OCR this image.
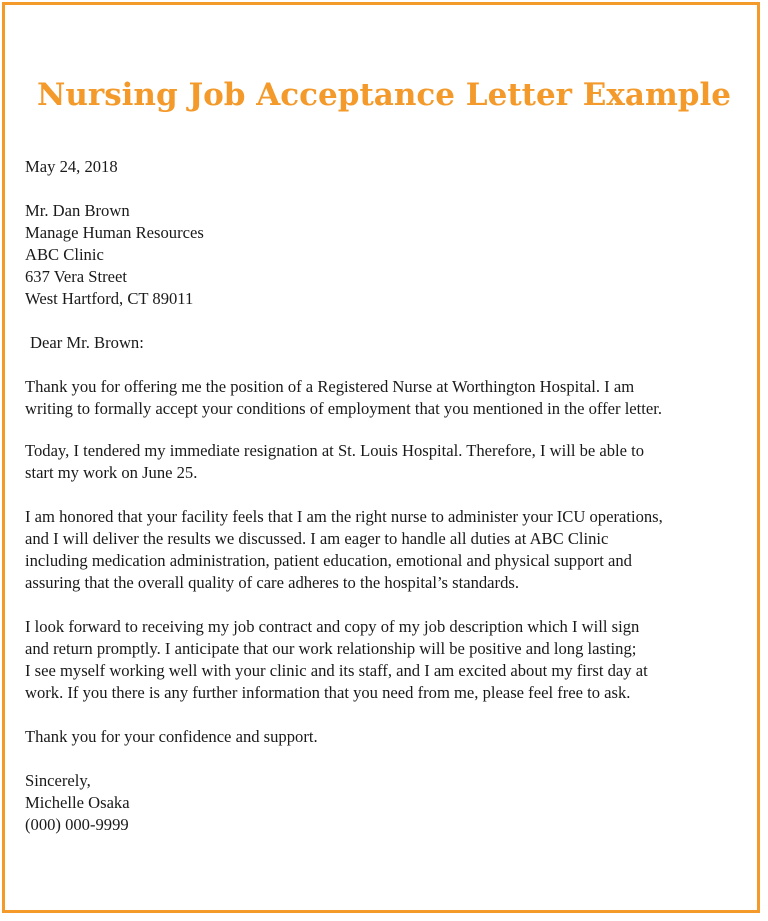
Nursing Job Acceptance Letter Example

May 24, 2018

Mr. Dan Brown
Manage Human Resources
ABC Clinic
637 Vera Street
West Hartford, CT 89011

Dear Mr. Brown:

Thank you for offering me the position of a Registered Nurse at Worthington Hospital. I am
writing to formally accept your conditions of employment that you mentioned in the offer letter.
Today, I tendered my immediate resignation at St. Louis Hospital. Therefore, I will be able to
start my work on June 25.
I am honored that your facility feels that I am the right nurse to administer your ICU operations,
and I will deliver the results we discussed. I am eager to handle all duties at ABC Clinic
including medication administration, patient education, emotional and physical support and
assuring that the overall quality of care adheres to the hospital’s standards.
I look forward to receiving my job contract and copy of my job description which I will sign
and return promptly. I anticipate that our work relationship will be positive and long lasting;
I see myself working well with your clinic and its staff, and I am excited about my first day at
work. If you there is any further information that you need from me, please feel free to ask.
Thank you for your confidence and support.
Sincerely,
Michelle Osaka
(000) 000-9999
